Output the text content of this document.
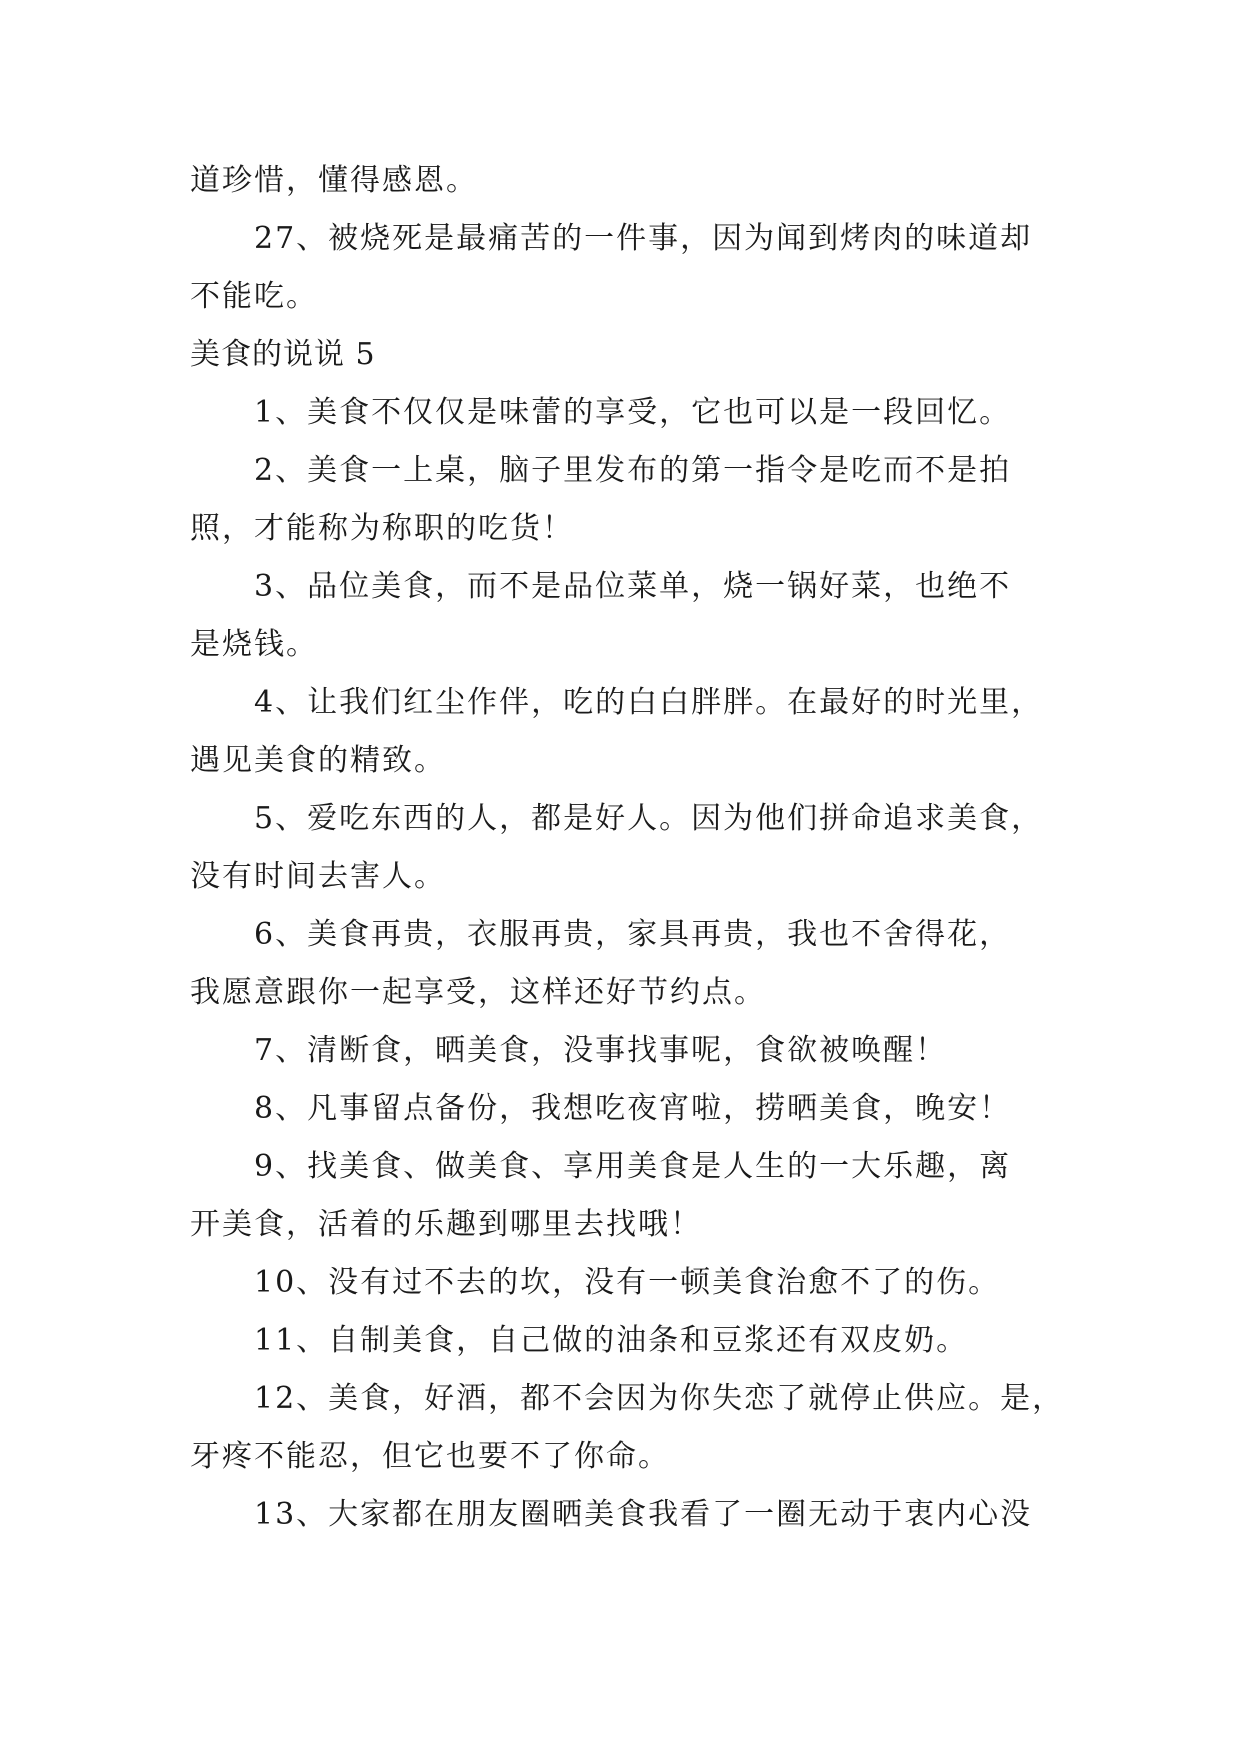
道珍惜，懂得感恩。
27、被烧死是最痛苦的一件事，因为闻到烤肉的味道却
不能吃。
美食的说说 5
1、美食不仅仅是味蕾的享受，它也可以是一段回忆。
2、美食一上桌，脑子里发布的第一指令是吃而不是拍
照，才能称为称职的吃货！
3、品位美食，而不是品位菜单，烧一锅好菜，也绝不
是烧钱。
4、让我们红尘作伴，吃的白白胖胖。在最好的时光里，
遇见美食的精致。
5、爱吃东西的人，都是好人。因为他们拼命追求美食，
没有时间去害人。
6、美食再贵，衣服再贵，家具再贵，我也不舍得花，
我愿意跟你一起享受，这样还好节约点。
7、清断食，晒美食，没事找事呢，食欲被唤醒！
8、凡事留点备份，我想吃夜宵啦，捞晒美食，晚安！
9、找美食、做美食、享用美食是人生的一大乐趣，离
开美食，活着的乐趣到哪里去找哦！
10、没有过不去的坎，没有一顿美食治愈不了的伤。
11、自制美食，自己做的油条和豆浆还有双皮奶。
12、美食，好酒，都不会因为你失恋了就停止供应。是，
牙疼不能忍，但它也要不了你命。
13、大家都在朋友圈晒美食我看了一圈无动于衷内心没
